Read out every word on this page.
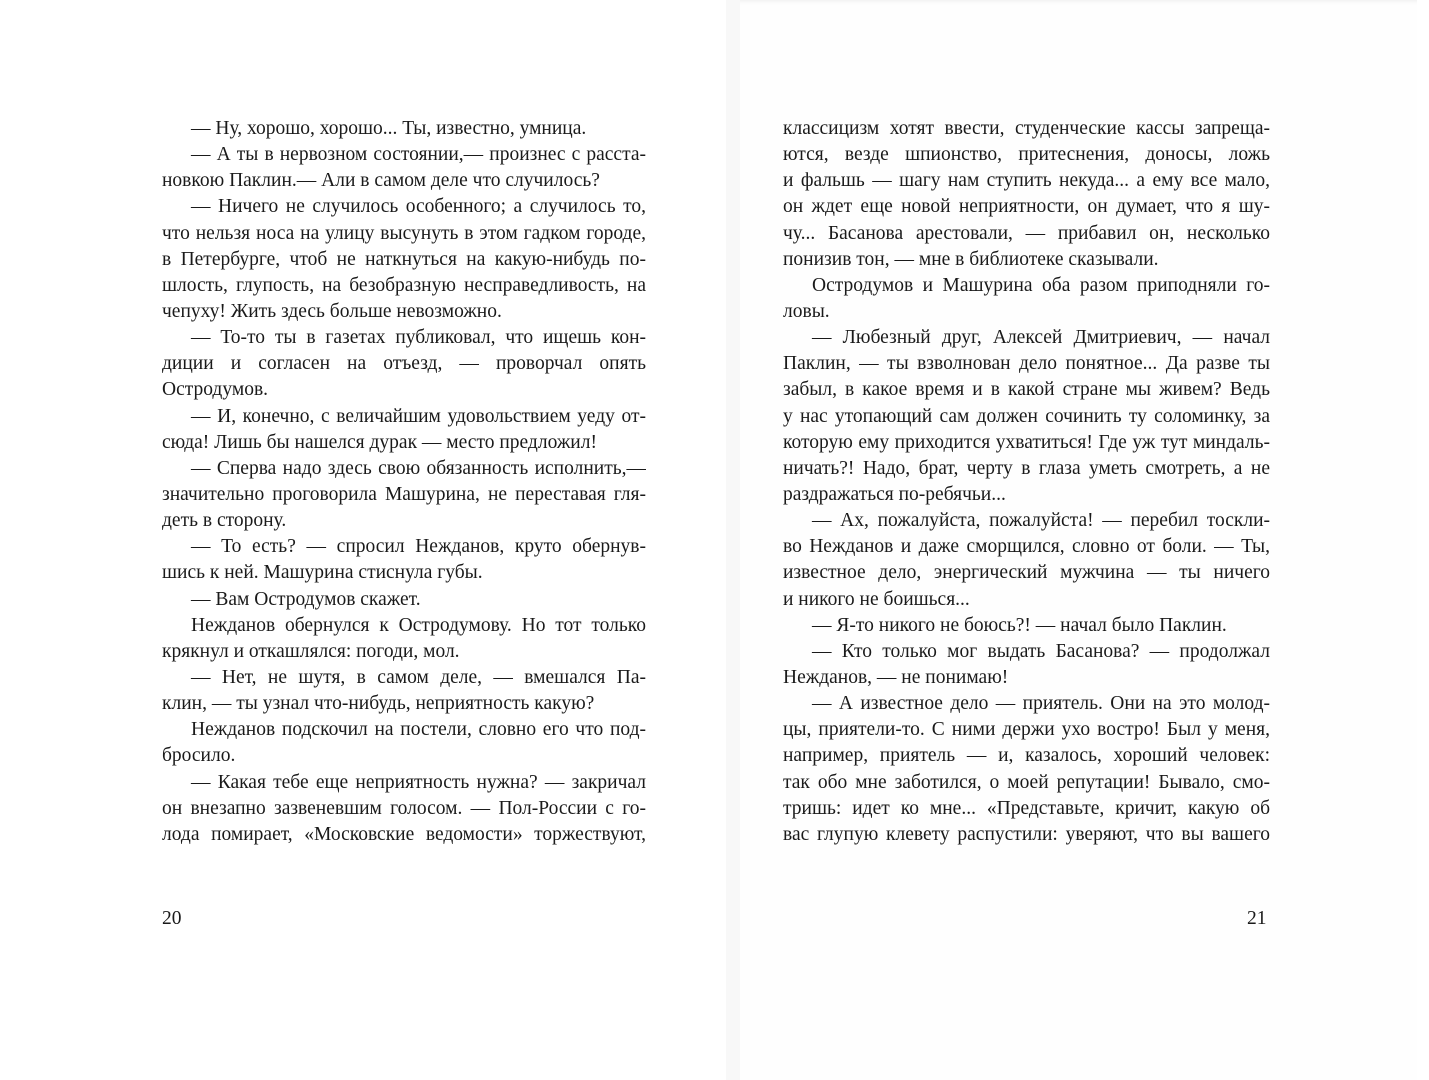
— Ну, хорошо, хорошо... Ты, известно, умница.
— А ты в нервозном состоянии,— произнес с расста-
новкою Паклин.— Али в самом деле что случилось?
— Ничего не случилось особенного; а случилось то,
что нельзя носа на улицу высунуть в этом гадком городе,
в Петербурге, чтоб не наткнуться на какую-нибудь по-
шлость, глупость, на безобразную несправедливость, на
чепуху! Жить здесь больше невозможно.
— То-то ты в газетах публиковал, что ищешь кон-
диции и согласен на отъезд, — проворчал опять
Остродумов.
— И, конечно, с величайшим удовольствием уеду от-
сюда! Лишь бы нашелся дурак — место предложил!
— Сперва надо здесь свою обязанность исполнить,—
значительно проговорила Машурина, не переставая гля-
деть в сторону.
— То есть? — спросил Нежданов, круто обернув-
шись к ней. Машурина стиснула губы.
— Вам Остродумов скажет.
Нежданов обернулся к Остродумову. Но тот только
крякнул и откашлялся: погоди, мол.
— Нет, не шутя, в самом деле, — вмешался Па-
клин, — ты узнал что-нибудь, неприятность какую?
Нежданов подскочил на постели, словно его что под-
бросило.
— Какая тебе еще неприятность нужна? — закричал
он внезапно зазвеневшим голосом. — Пол-России с го-
лода помирает, «Московские ведомости» торжествуют,
20
классицизм хотят ввести, студенческие кассы запреща-
ются, везде шпионство, притеснения, доносы, ложь
и фальшь — шагу нам ступить некуда... а ему все мало,
он ждет еще новой неприятности, он думает, что я шу-
чу... Басанова арестовали, — прибавил он, несколько
понизив тон, — мне в библиотеке сказывали.
Остродумов и Машурина оба разом приподняли го-
ловы.
— Любезный друг, Алексей Дмитриевич, — начал
Паклин, — ты взволнован дело понятное... Да разве ты
забыл, в какое время и в какой стране мы живем? Ведь
у нас утопающий сам должен сочинить ту соломинку, за
которую ему приходится ухватиться! Где уж тут миндаль-
ничать?! Надо, брат, черту в глаза уметь смотреть, а не
раздражаться по-ребячьи...
— Ах, пожалуйста, пожалуйста! — перебил тоскли-
во Нежданов и даже сморщился, словно от боли. — Ты,
известное дело, энергический мужчина — ты ничего
и никого не боишься...
— Я-то никого не боюсь?! — начал было Паклин.
— Кто только мог выдать Басанова? — продолжал
Нежданов, — не понимаю!
— А известное дело — приятель. Они на это молод-
цы, приятели-то. С ними держи ухо востро! Был у меня,
например, приятель — и, казалось, хороший человек:
так обо мне заботился, о моей репутации! Бывало, смо-
тришь: идет ко мне... «Представьте, кричит, какую об
вас глупую клевету распустили: уверяют, что вы вашего
21
